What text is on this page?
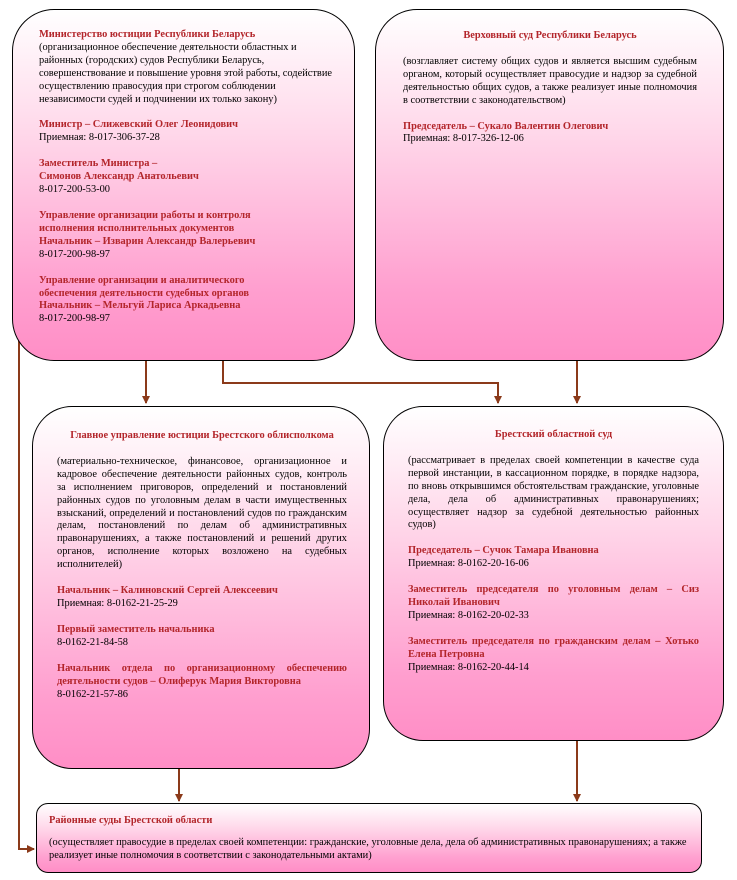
Министерство юстиции Республики Беларусь
(организационное обеспечение деятельности областных и районных (городских) судов Республики Беларусь, совершенствование и повышение уровня этой работы, содействие осуществлению правосудия при строгом соблюдении независимости судей и подчинении их только закону)
Министр – Слижевский Олег Леонидович
Приемная: 8-017-306-37-28
Заместитель Министра –
Симонов Александр Анатольевич
8-017-200-53-00
Управление организации работы и контроля
исполнения исполнительных документов
Начальник – Изварин Александр Валерьевич
8-017-200-98-97
Управление организации и аналитического
обеспечения деятельности судебных органов
Начальник – Мельгуй Лариса Аркадьевна
8-017-200-98-97
Верховный суд Республики Беларусь
(возглавляет систему общих судов и является высшим судебным органом, который осуществляет правосудие и надзор за судебной деятельностью общих судов, а также реализует иные полномочия в соответствии с законодательством)
Председатель – Сукало Валентин Олегович
Приемная: 8-017-326-12-06
Главное управление юстиции Брестского облисполкома
(материально-техническое, финансовое, организационное и кадровое обеспечение деятельности районных судов, контроль за исполнением приговоров, определений и постановлений районных судов по уголовным делам в части имущественных взысканий, определений и постановлений судов по гражданским делам, постановлений по делам об административных правонарушениях, а также постановлений и решений других органов, исполнение которых возложено на судебных исполнителей)
Начальник – Калиновский Сергей Алексеевич
Приемная: 8-0162-21-25-29
Первый заместитель начальника
8-0162-21-84-58
Начальник отдела по организационному обеспечению деятельности судов – Олиферук Мария Викторовна
8-0162-21-57-86
Брестский областной суд
(рассматривает в пределах своей компетенции в качестве суда первой инстанции, в кассационном порядке, в порядке надзора, по вновь открывшимся обстоятельствам гражданские, уголовные дела, дела об административных правонарушениях; осуществляет надзор за судебной деятельностью районных судов)
Председатель – Сучок Тамара Ивановна
Приемная: 8-0162-20-16-06
Заместитель председателя по уголовным делам – Сиз Николай Иванович
Приемная: 8-0162-20-02-33
Заместитель председателя по гражданским делам – Хотько Елена Петровна
Приемная: 8-0162-20-44-14
Районные суды Брестской области
(осуществляет правосудие в пределах своей компетенции: гражданские, уголовные дела, дела об административных правонарушениях; а также реализует иные полномочия в соответствии с законодательными актами)
